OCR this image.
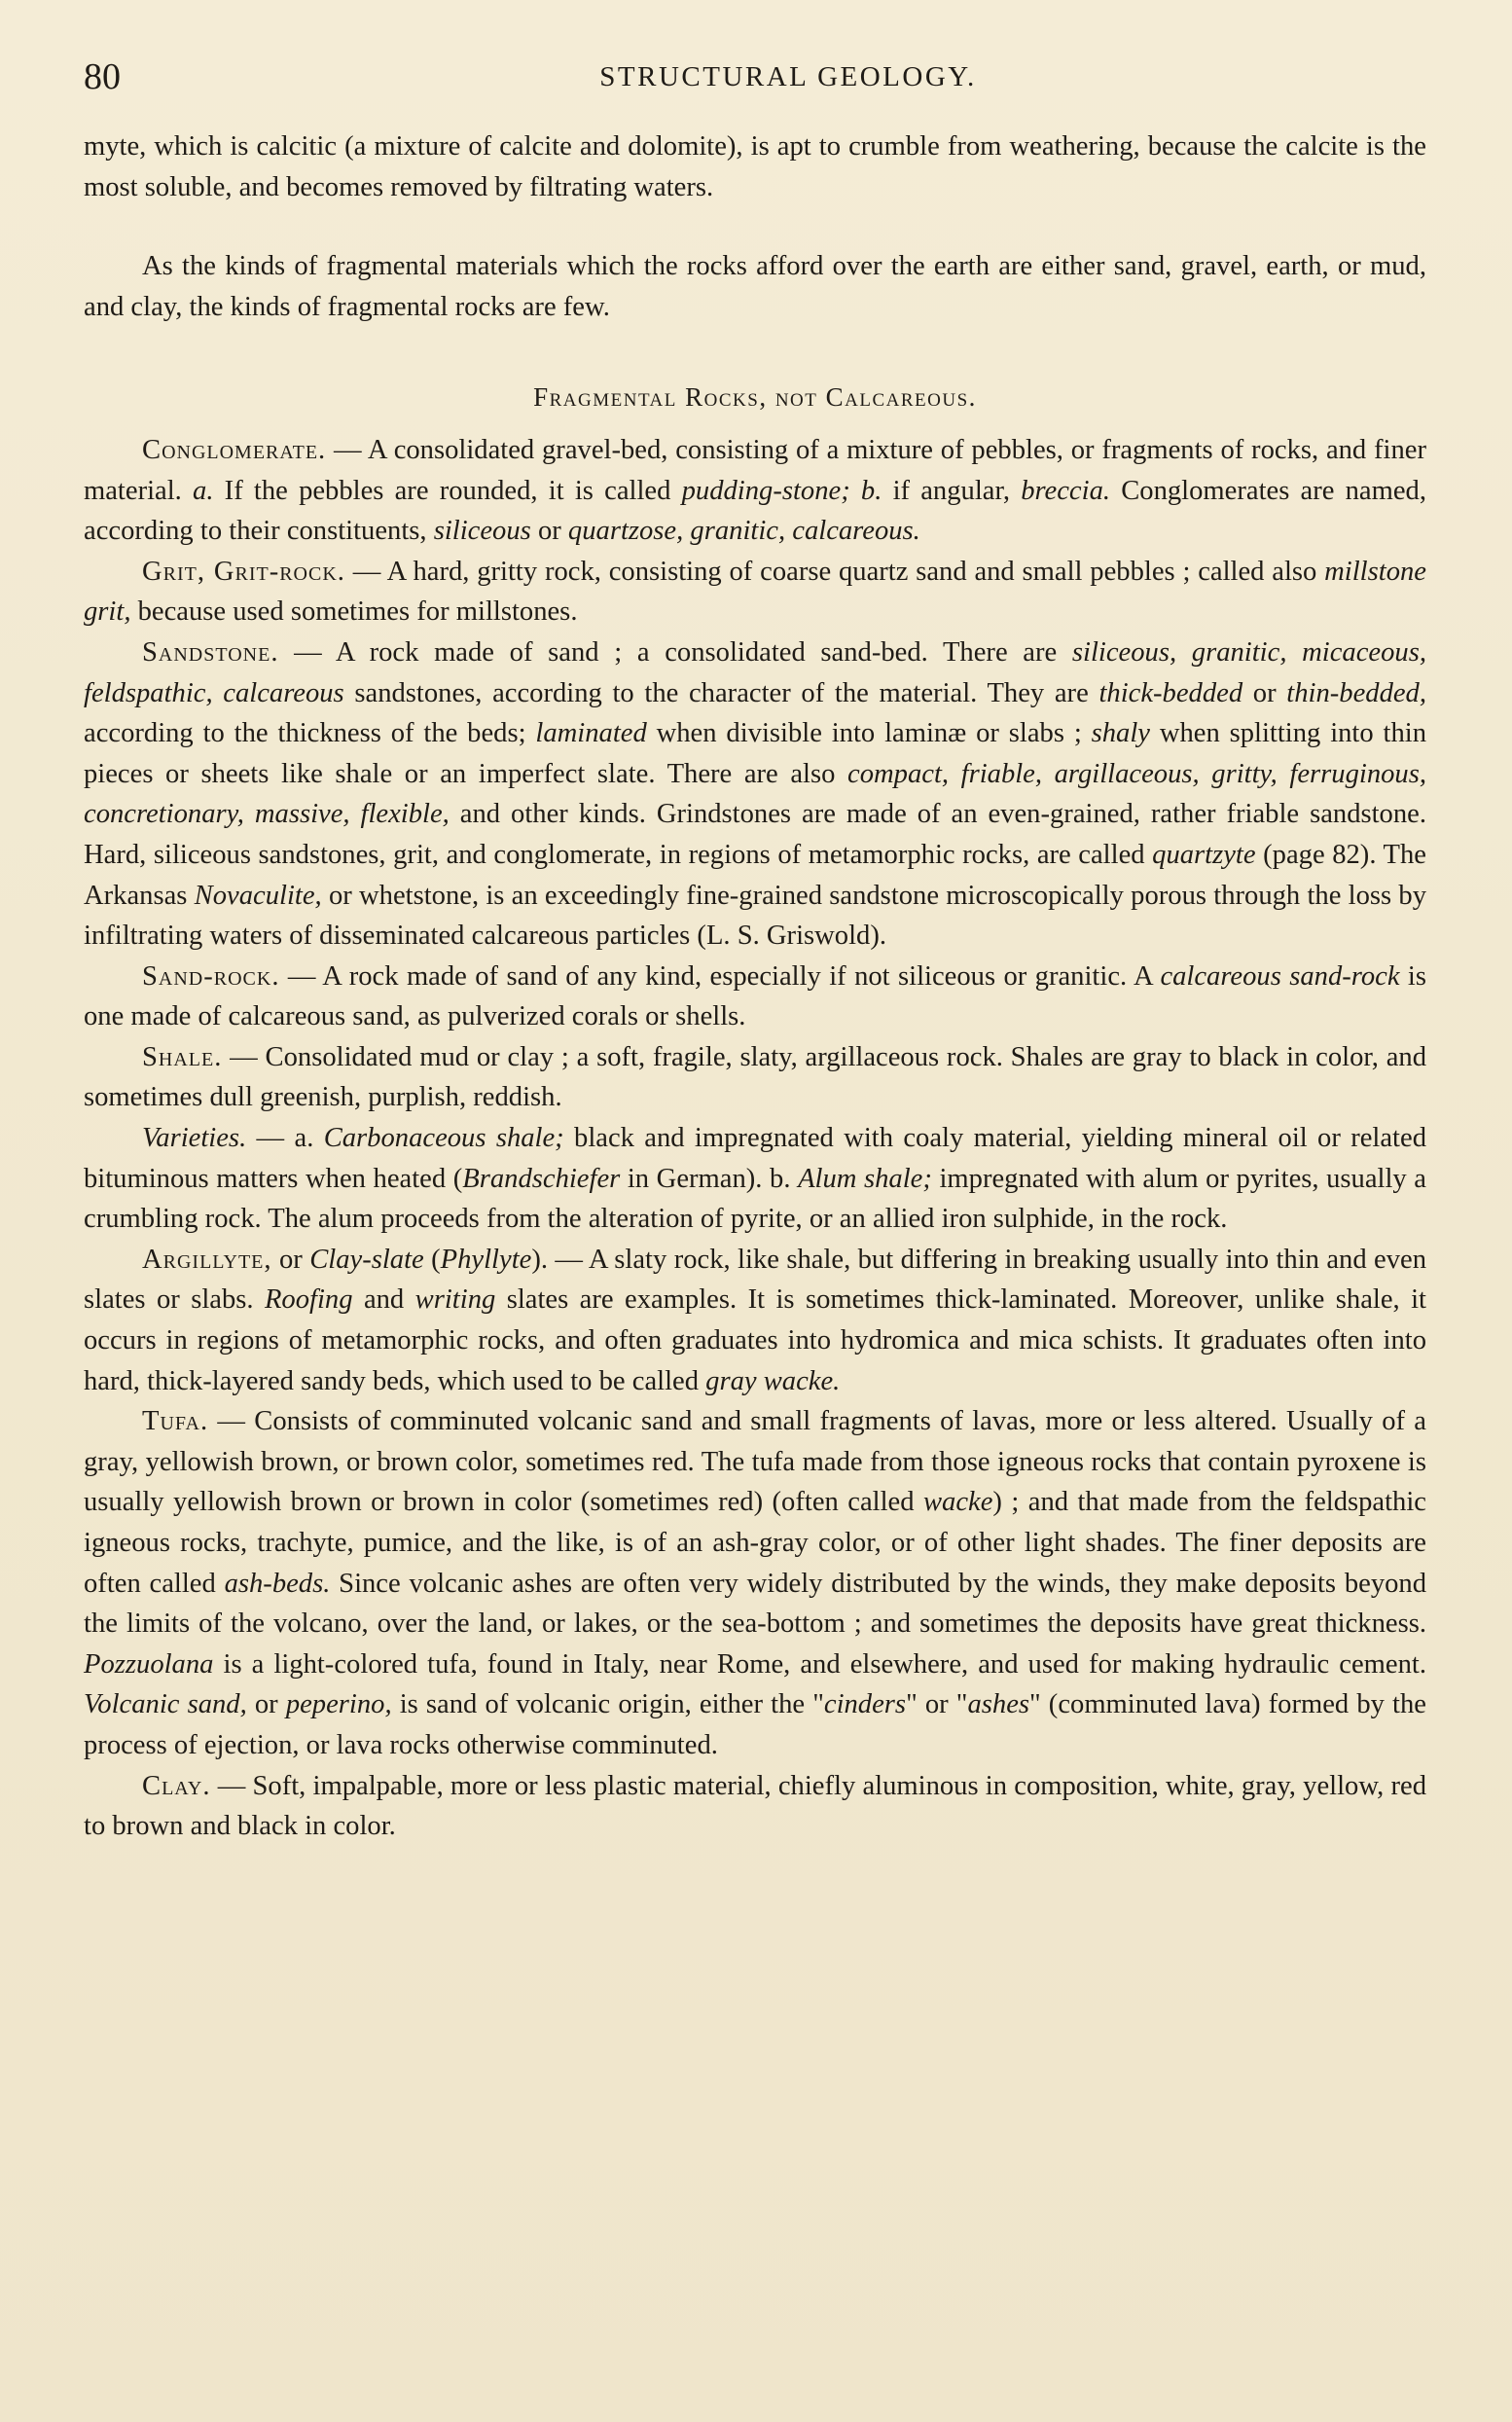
80	STRUCTURAL GEOLOGY.

myte, which is calcitic (a mixture of calcite and dolomite), is apt to crumble from weathering, because the calcite is the most soluble, and becomes removed by filtrating waters.

As the kinds of fragmental materials which the rocks afford over the earth are either sand, gravel, earth, or mud, and clay, the kinds of fragmental rocks are few.

Fragmental Rocks, not Calcareous.

Conglomerate. — A consolidated gravel-bed, consisting of a mixture of pebbles, or fragments of rocks, and finer material. a. If the pebbles are rounded, it is called pudding-stone; b. if angular, breccia. Conglomerates are named, according to their constituents, siliceous or quartzose, granitic, calcareous.

Grit, Grit-rock. — A hard, gritty rock, consisting of coarse quartz sand and small pebbles ; called also millstone grit, because used sometimes for millstones.

Sandstone. — A rock made of sand ; a consolidated sand-bed. There are siliceous, granitic, micaceous, feldspathic, calcareous sandstones, according to the character of the material. They are thick-bedded or thin-bedded, according to the thickness of the beds; laminated when divisible into laminæ or slabs ; shaly when splitting into thin pieces or sheets like shale or an imperfect slate. There are also compact, friable, argillaceous, gritty, ferruginous, concretionary, massive, flexible, and other kinds. Grindstones are made of an even-grained, rather friable sandstone. Hard, siliceous sandstones, grit, and conglomerate, in regions of metamorphic rocks, are called quartzyte (page 82). The Arkansas Novaculite, or whetstone, is an exceedingly fine-grained sandstone microscopically porous through the loss by infiltrating waters of disseminated calcareous particles (L. S. Griswold).

Sand-rock. — A rock made of sand of any kind, especially if not siliceous or granitic. A calcareous sand-rock is one made of calcareous sand, as pulverized corals or shells.

Shale. — Consolidated mud or clay ; a soft, fragile, slaty, argillaceous rock. Shales are gray to black in color, and sometimes dull greenish, purplish, reddish.

Varieties. — a. Carbonaceous shale; black and impregnated with coaly material, yielding mineral oil or related bituminous matters when heated (Brandschiefer in German). b. Alum shale; impregnated with alum or pyrites, usually a crumbling rock. The alum proceeds from the alteration of pyrite, or an allied iron sulphide, in the rock.

Argillyte, or Clay-slate (Phyllyte). — A slaty rock, like shale, but differing in breaking usually into thin and even slates or slabs. Roofing and writing slates are examples. It is sometimes thick-laminated. Moreover, unlike shale, it occurs in regions of metamorphic rocks, and often graduates into hydromica and mica schists. It graduates often into hard, thick-layered sandy beds, which used to be called gray wacke.

Tufa. — Consists of comminuted volcanic sand and small fragments of lavas, more or less altered. Usually of a gray, yellowish brown, or brown color, sometimes red. The tufa made from those igneous rocks that contain pyroxene is usually yellowish brown or brown in color (sometimes red) (often called wacke) ; and that made from the feldspathic igneous rocks, trachyte, pumice, and the like, is of an ash-gray color, or of other light shades. The finer deposits are often called ash-beds. Since volcanic ashes are often very widely distributed by the winds, they make deposits beyond the limits of the volcano, over the land, or lakes, or the sea-bottom ; and sometimes the deposits have great thickness. Pozzuolana is a light-colored tufa, found in Italy, near Rome, and elsewhere, and used for making hydraulic cement. Volcanic sand, or peperino, is sand of volcanic origin, either the "cinders" or "ashes" (comminuted lava) formed by the process of ejection, or lava rocks otherwise comminuted.

Clay. — Soft, impalpable, more or less plastic material, chiefly aluminous in composition, white, gray, yellow, red to brown and black in color.
